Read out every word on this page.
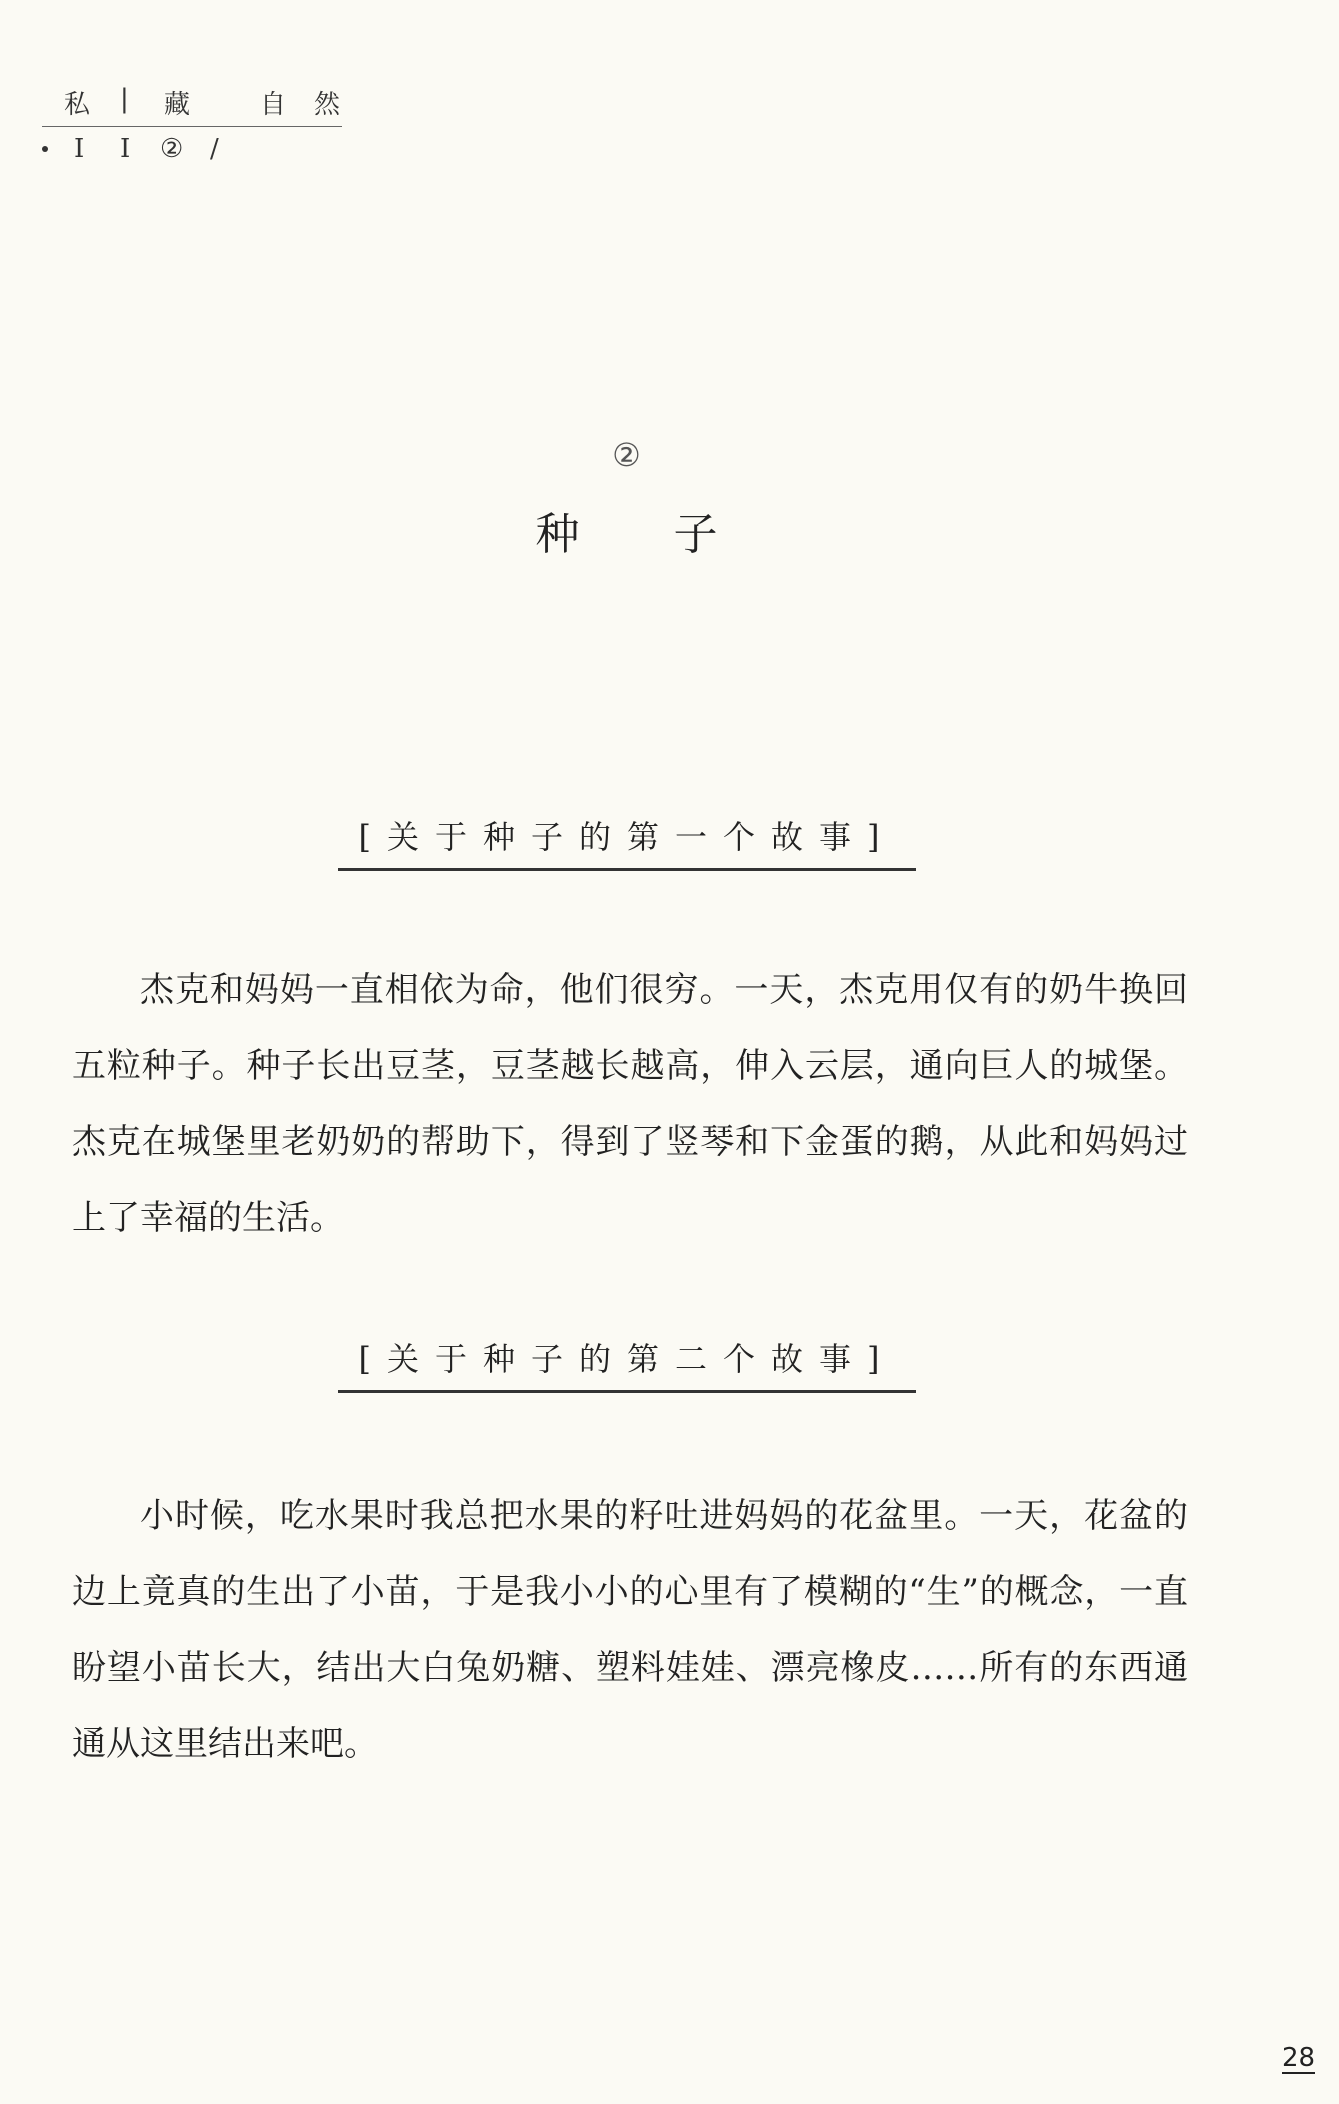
私 | 藏	自 然
I I ② /
②
种 子
[关于种子的第一个故事]
杰克和妈妈一直相依为命，他们很穷。一天，杰克用仅有的奶牛换回五粒种子。种子长出豆茎，豆茎越长越高，伸入云层，通向巨人的城堡。杰克在城堡里老奶奶的帮助下，得到了竖琴和下金蛋的鹅，从此和妈妈过上了幸福的生活。
[关于种子的第二个故事]
小时候，吃水果时我总把水果的籽吐进妈妈的花盆里。一天，花盆的边上竟真的生出了小苗，于是我小小的心里有了模糊的“生”的概念，一直盼望小苗长大，结出大白兔奶糖、塑料娃娃、漂亮橡皮……所有的东西通通从这里结出来吧。
28
